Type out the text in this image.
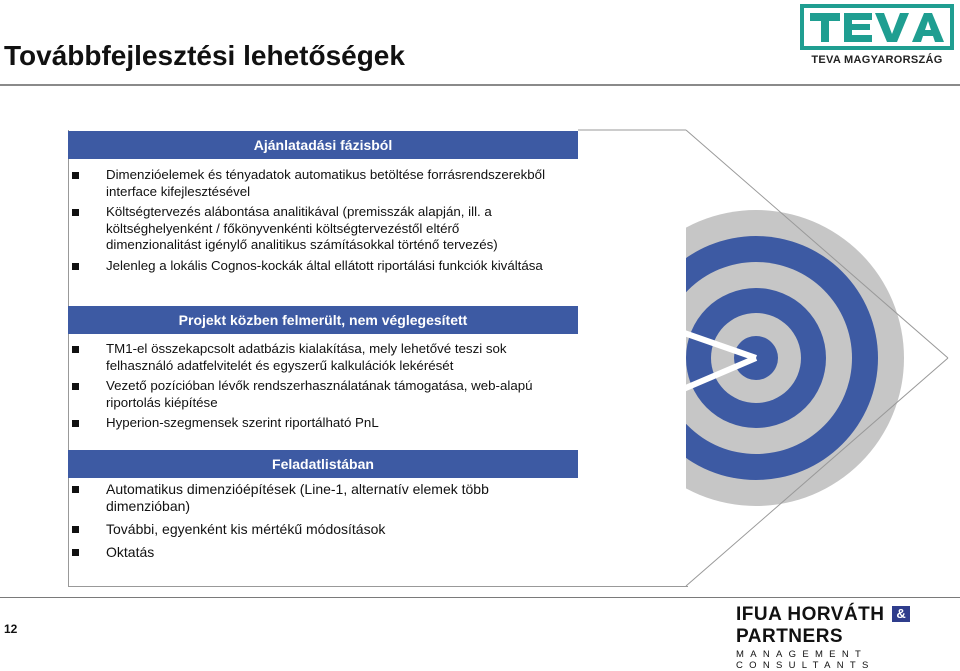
Továbbfejlesztési lehetőségek	TEVA MAGYARORSZÁG
Ajánlatadási fázisból
Dimenzióelemek és tényadatok automatikus betöltése forrásrendszerekből interface kifejlesztésével
Költségtervezés alábontása analitikával (premisszák alapján, ill. a költséghelyenként / főkönyvenkénti költségtervezéstől eltérő dimenzionalitást igénylő analitikus számításokkal történő tervezés)
Jelenleg a lokális Cognos-kockák által ellátott riportálási funkciók kiváltása
Projekt közben felmerült, nem véglegesített
TM1-el összekapcsolt adatbázis kialakítása, mely lehetővé teszi sok felhasználó adatfelvitelét és egyszerű kalkulációk lekérését
Vezető pozícióban lévők rendszerhasználatának támogatása, web-alapú riportolás kiépítése
Hyperion-szegmensek szerint riportálható PnL
Feladatlistában
Automatikus dimenzióépítések (Line-1, alternatív elemek több dimenzióban)
További, egyenként kis mértékű módosítások
Oktatás
12
IFUA HORVÁTH & PARTNERS
MANAGEMENT CONSULTANTS
